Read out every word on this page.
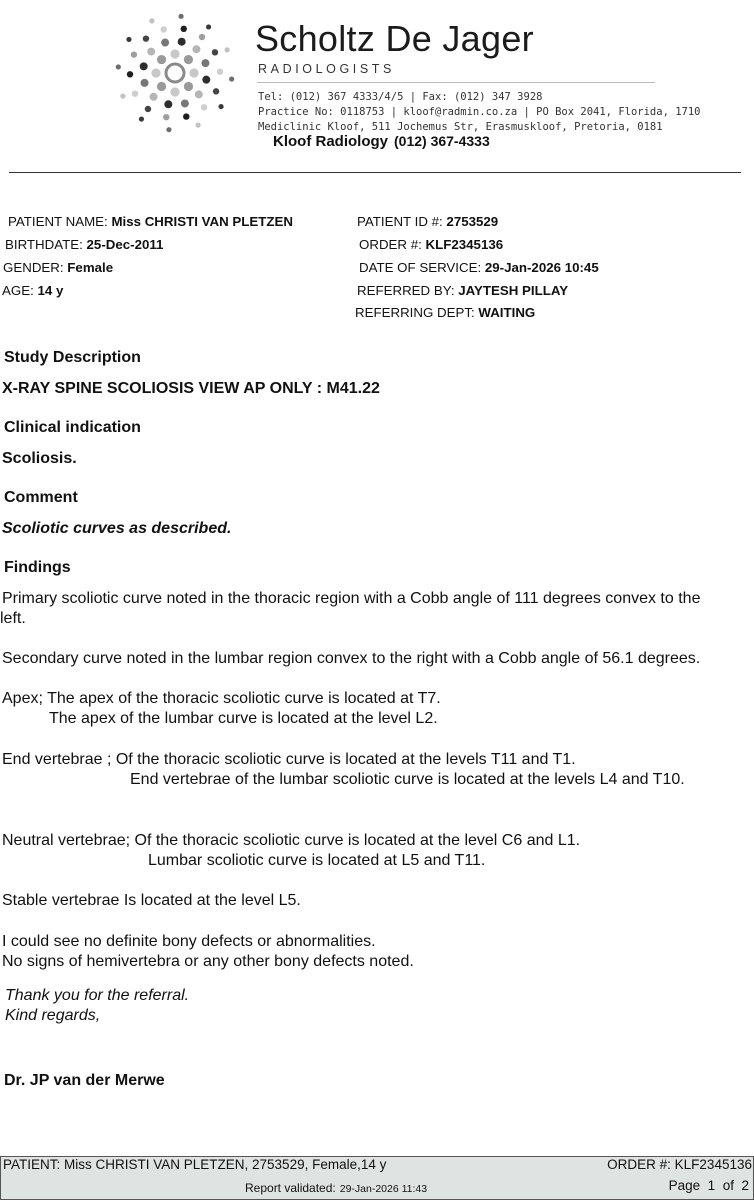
Scholtz De Jager
RADIOLOGISTS
Tel: (012) 367 4333/4/5 | Fax: (012) 347 3928
Practice No: 0118753 | kloof@radmin.co.za | PO Box 2041, Florida, 1710
Mediclinic Kloof, 511 Jochemus Str, Erasmuskloof, Pretoria, 0181
Kloof Radiology (012) 367-4333
PATIENT NAME: Miss CHRISTI VAN PLETZEN
BIRTHDATE: 25-Dec-2011
GENDER: Female
AGE: 14 y
PATIENT ID #: 2753529
ORDER #: KLF2345136
DATE OF SERVICE: 29-Jan-2026 10:45
REFERRED BY: JAYTESH PILLAY
REFERRING DEPT: WAITING
Study Description
X-RAY SPINE SCOLIOSIS VIEW AP ONLY : M41.22
Clinical indication
Scoliosis.
Comment
Scoliotic curves as described.
Findings
Primary scoliotic curve noted in the thoracic region with a Cobb angle of 111 degrees convex to the
left.
Secondary curve noted in the lumbar region convex to the right with a Cobb angle of 56.1 degrees.
Apex; The apex of the thoracic scoliotic curve is located at T7.
The apex of the lumbar curve is located at the level L2.
End vertebrae ; Of the thoracic scoliotic curve is located at the levels T11 and T1.
End vertebrae of the lumbar scoliotic curve is located at the levels L4 and T10.
Neutral vertebrae; Of the thoracic scoliotic curve is located at the level C6 and L1.
Lumbar scoliotic curve is located at L5 and T11.
Stable vertebrae Is located at the level L5.
I could see no definite bony defects or abnormalities.
No signs of hemivertebra or any other bony defects noted.
Thank you for the referral.
Kind regards,
Dr. JP van der Merwe
PATIENT: Miss CHRISTI VAN PLETZEN, 2753529, Female,14 y	ORDER #: KLF2345136
Report validated: 29-Jan-2026 11:43	Page 1 of 2
